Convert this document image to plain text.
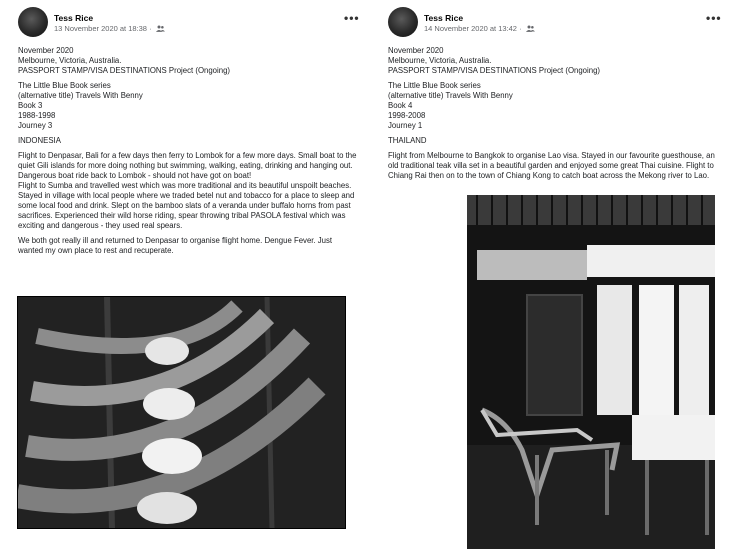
Tess Rice
13 November 2020 at 18:38 ·
•••

November 2020
Melbourne, Victoria, Australia.
PASSPORT STAMP/VISA DESTINATIONS Project (Ongoing)

The Little Blue Book series
(alternative title) Travels With Benny
Book 3
1988-1998
Journey 3

INDONESIA

Flight to Denpasar, Bali for a few days then ferry to Lombok for a few more days. Small boat to the quiet Gili islands for more doing nothing but swimming, walking, eating, drinking and hanging out. Dangerous boat ride back to Lombok - should not have got on boat!

Flight to Sumba and travelled west which was more traditional and its beautiful unspoilt beaches. Stayed in village with local people where we traded betel nut and tobacco for a place to sleep and some local food and drink. Slept on the bamboo slats of a veranda under buffalo horns from past sacrifices. Experienced their wild horse riding, spear throwing tribal PASOLA festival which was exciting and dangerous - they used real spears.

We both got really ill and returned to Denpasar to organise flight home. Dengue Fever. Just wanted my own place to rest and recuperate.

Tess Rice
14 November 2020 at 13:42 ·
•••

November 2020
Melbourne, Victoria, Australia.
PASSPORT STAMP/VISA DESTINATIONS Project (Ongoing)

The Little Blue Book series
(alternative title) Travels With Benny
Book 4
1998-2008
Journey 1

THAILAND

Flight from Melbourne to Bangkok to organise Lao visa. Stayed in our favourite guesthouse, an old traditional teak villa set in a beautiful garden and enjoyed some great Thai cuisine. Flight to Chiang Rai then on to the town of Chiang Kong to catch boat across the Mekong river to Lao.
